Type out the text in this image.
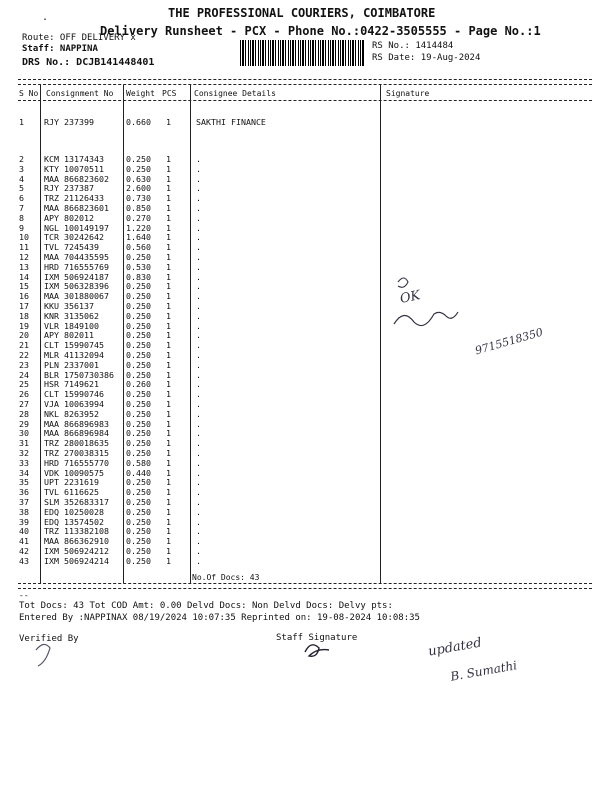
.	THE PROFESSIONAL COURIERS, COIMBATORE
Delivery Runsheet - PCX - Phone No.:0422-3505555 - Page No.:1
Route: OFF DELIVERY x
Staff: NAPPINA
DRS No.: DCJB141448401
RS No.: 1414484
RS Date: 19-Aug-2024
S No Consignment No Weight PCS Consignee Details	Signature
1 RJY 237399	0.660 1	SAKTHI FINANCE
2 KCM 13174343	0.250 1	.
3 KTY 10070511	0.250 1	.
4 MAA 866823602 0.630 1	.
5 RJY 237387	2.600 1	.
6 TRZ 21126433	0.730 1	.
7 MAA 866823601 0.850 1	.
8 APY 802012	0.270 1	.
9 NGL 100149197 1.220 1	.
10 TCR 30242642	1.640 1	.
11 TVL 7245439	0.560 1	.
12 MAA 704435595 0.250 1	.
13 HRD 716555769 0.530 1	.
14 IXM 506924187 0.830 1	.
15 IXM 506328396 0.250 1	.
16 MAA 301880067 0.250 1	.
17 KKU 356137	0.250 1	.
18 KNR 3135062	0.250 1	.
19 VLR 1849100	0.250 1	.
20 APY 802011	0.250 1	.
21 CLT 15990745	0.250 1	.
22 MLR 41132094	0.250 1	.
23 PLN 2337001	0.250 1	.
24 BLR 1750730386 0.250 1	.
25 HSR 7149621	0.260 1	.
26 CLT 15990746	0.250 1	.
27 VJA 10063994	0.250 1	.
28 NKL 8263952	0.250 1	.
29 MAA 866896983 0.250 1	.
30 MAA 866896984 0.250 1	.
31 TRZ 280018635 0.250 1	.
32 TRZ 270038315 0.250 1	.
33 HRD 716555770 0.580 1	.
34 VDK 10090575	0.440 1	.
35 UPT 2231619	0.250 1	.
36 TVL 6116625	0.250 1	.
37 SLM 352683317 0.250 1	.
38 EDQ 10250028	0.250 1	.
39 EDQ 13574502	0.250 1	.
40 TRZ 113382108 0.250 1	.
41 MAA 866362910 0.250 1	.
42 IXM 506924212 0.250 1	.
43 IXM 506924214 0.250 1	.
No.Of Docs: 43
--
Tot Docs: 43 Tot COD Amt: 0.00 Delvd Docs: Non Delvd Docs: Delvy pts:
Entered By :NAPPINAX 08/19/2024 10:07:35 Reprinted on: 19-08-2024 10:08:35
Verified By	Staff Signature
OK
9715518350
updated
B. Sumathi
